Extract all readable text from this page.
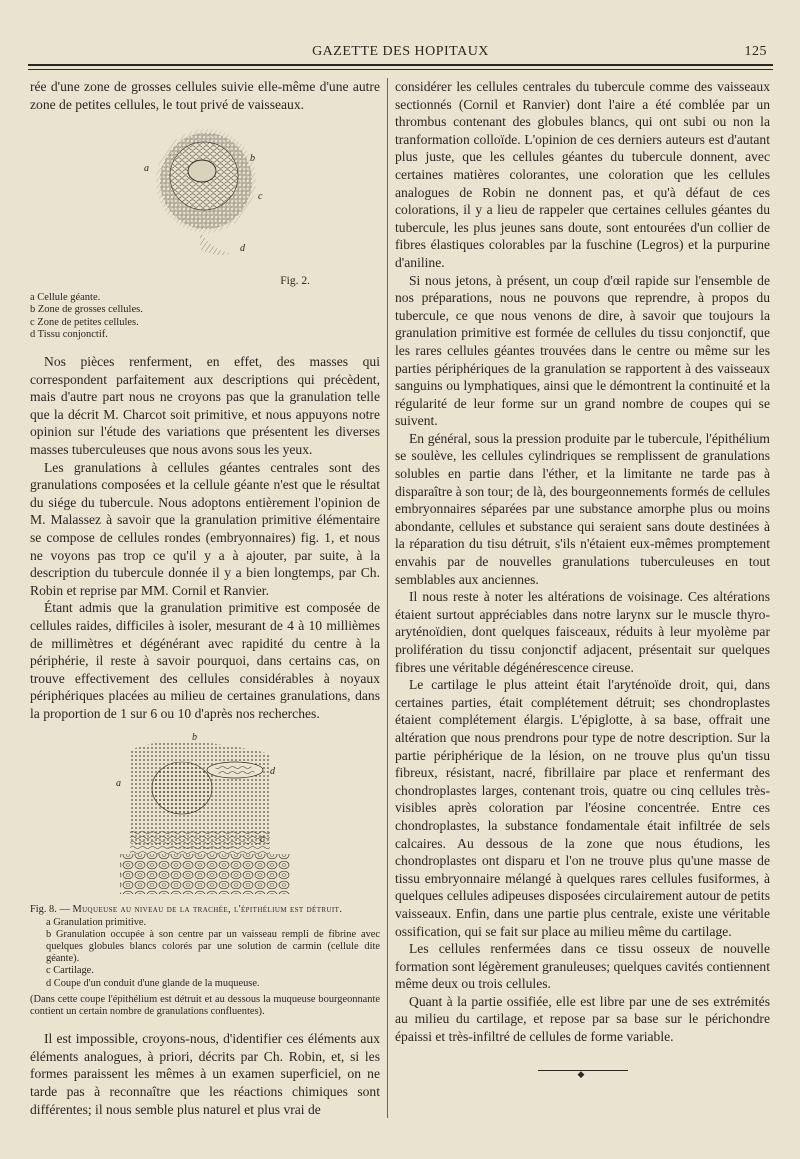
GAZETTE DES HOPITAUX	125

rée d'une zone de grosses cellules suivie elle-même d'une autre zone de petites cellules, le tout privé de vaisseaux.

a
b
c
d
Fig. 2.
a Cellule géante.
b Zone de grosses cellules.
c Zone de petites cellules.
d Tissu conjonctif.

Nos pièces renferment, en effet, des masses qui correspondent parfaitement aux descriptions qui précèdent, mais d'autre part nous ne croyons pas que la granulation telle que la décrit M. Charcot soit primitive, et nous appuyons notre opinion sur l'étude des variations que présentent les diverses masses tuberculeuses que nous avons sous les yeux.

Les granulations à cellules géantes centrales sont des granulations composées et la cellule géante n'est que le résultat du siége du tubercule. Nous adoptons entièrement l'opinion de M. Malassez à savoir que la granulation primitive élémentaire se compose de cellules rondes (embryonnaires) fig. 1, et nous ne voyons pas trop ce qu'il y a à ajouter, par suite, à la description du tubercule donnée il y a bien longtemps, par Ch. Robin et reprise par MM. Cornil et Ranvier.

Étant admis que la granulation primitive est composée de cellules raides, difficiles à isoler, mesurant de 4 à 10 millièmes de millimètres et dégénérant avec rapidité du centre à la périphérie, il reste à savoir pourquoi, dans certains cas, on trouve effectivement des cellules considérables à noyaux périphériques placées au milieu de certaines granulations, dans la proportion de 1 sur 6 ou 10 d'après nos recherches.

a
b
c
d
Fig. 8. — Muqueuse au niveau de la trachée, l'épithélium est détruit.
a Granulation primitive.
b Granulation occupée à son centre par un vaisseau rempli de fibrine avec quelques globules blancs colorés par une solution de carmin (cellule dite géante).
c Cartilage.
d Coupe d'un conduit d'une glande de la muqueuse.
(Dans cette coupe l'épithélium est détruit et au dessous la muqueuse bourgeonnante contient un certain nombre de granulations confluentes).

Il est impossible, croyons-nous, d'identifier ces éléments aux éléments analogues, à priori, décrits par Ch. Robin, et, si les formes paraissent les mêmes à un examen superficiel, on ne tarde pas à reconnaître que les réactions chimiques sont différentes; il nous semble plus naturel et plus vrai de

considérer les cellules centrales du tubercule comme des vaisseaux sectionnés (Cornil et Ranvier) dont l'aire a été comblée par un thrombus contenant des globules blancs, qui ont subi ou non la tranformation colloïde. L'opinion de ces derniers auteurs est d'autant plus juste, que les cellules géantes du tubercule donnent, avec certaines matières colorantes, une coloration que les cellules analogues de Robin ne donnent pas, et qu'à défaut de ces colorations, il y a lieu de rappeler que certaines cellules géantes du tubercule, les plus jeunes sans doute, sont entourées d'un collier de fibres élastiques colorables par la fuschine (Legros) et la purpurine d'aniline.

Si nous jetons, à présent, un coup d'œil rapide sur l'ensemble de nos préparations, nous ne pouvons que reprendre, à propos du tubercule, ce que nous venons de dire, à savoir que toujours la granulation primitive est formée de cellules du tissu conjonctif, que les rares cellules géantes trouvées dans le centre ou même sur les parties périphériques de la granulation se rapportent à des vaisseaux sanguins ou lymphatiques, ainsi que le démontrent la continuité et la régularité de leur forme sur un grand nombre de coupes qui se suivent.

En général, sous la pression produite par le tubercule, l'épithélium se soulève, les cellules cylindriques se remplissent de granulations solubles en partie dans l'éther, et la limitante ne tarde pas à disparaître à son tour; de là, des bourgeonnements formés de cellules embryonnaires séparées par une substance amorphe plus ou moins abondante, cellules et substance qui seraient sans doute destinées à la réparation du tisu détruit, s'ils n'étaient eux-mêmes promptement envahis par de nouvelles granulations tuberculeuses en tout semblables aux anciennes.

Il nous reste à noter les altérations de voisinage. Ces altérations étaient surtout appréciables dans notre larynx sur le muscle thyro-aryténoïdien, dont quelques faisceaux, réduits à leur myolème par prolifération du tissu conjonctif adjacent, présentait sur quelques fibres une véritable dégénérescence cireuse.

Le cartilage le plus atteint était l'aryténoïde droit, qui, dans certaines parties, était complétement détruit; ses chondroplastes étaient complétement élargis. L'épiglotte, à sa base, offrait une altération que nous prendrons pour type de notre description. Sur la partie périphérique de la lésion, on ne trouve plus qu'un tissu fibreux, résistant, nacré, fibrillaire par place et renfermant des chondroplastes larges, contenant trois, quatre ou cinq cellules très-visibles après coloration par l'éosine concentrée. Entre ces chondroplastes, la substance fondamentale était infiltrée de sels calcaires. Au dessous de la zone que nous étudions, les chondroplastes ont disparu et l'on ne trouve plus qu'une masse de tissu embryonnaire mélangé à quelques rares cellules fusiformes, à quelques cellules adipeuses disposées circulairement autour de petits vaisseaux. Enfin, dans une partie plus centrale, existe une véritable ossification, qui se fait sur place au milieu même du cartilage.

Les cellules renfermées dans ce tissu osseux de nouvelle formation sont légèrement granuleuses; quelques cavités contiennent même deux ou trois cellules.

Quant à la partie ossifiée, elle est libre par une de ses extrémités au milieu du cartilage, et repose par sa base sur le périchondre épaissi et très-infiltré de cellules de forme variable.

◆
